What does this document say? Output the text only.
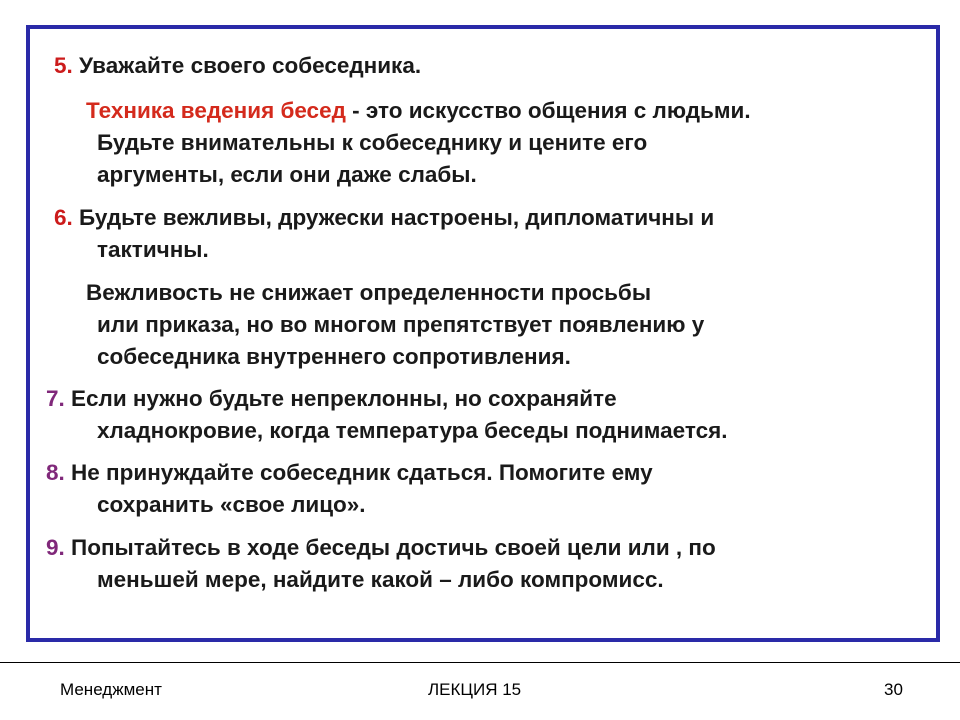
5. Уважайте своего собеседника.
Техника ведения бесед - это искусство общения с людьми.
Будьте внимательны к собеседнику и цените его
аргументы, если они даже слабы.
6. Будьте вежливы, дружески настроены, дипломатичны и
тактичны.
Вежливость не снижает определенности просьбы
или приказа, но во многом препятствует появлению у
собеседника внутреннего сопротивления.
7. Если нужно будьте непреклонны, но сохраняйте
хладнокровие, когда температура беседы поднимается.
8. Не принуждайте собеседник сдаться. Помогите ему
сохранить «свое лицо».
9. Попытайтесь в ходе беседы достичь своей цели или , по
меньшей мере, найдите какой – либо компромисс.
Менеджмент	ЛЕКЦИЯ 15	30
